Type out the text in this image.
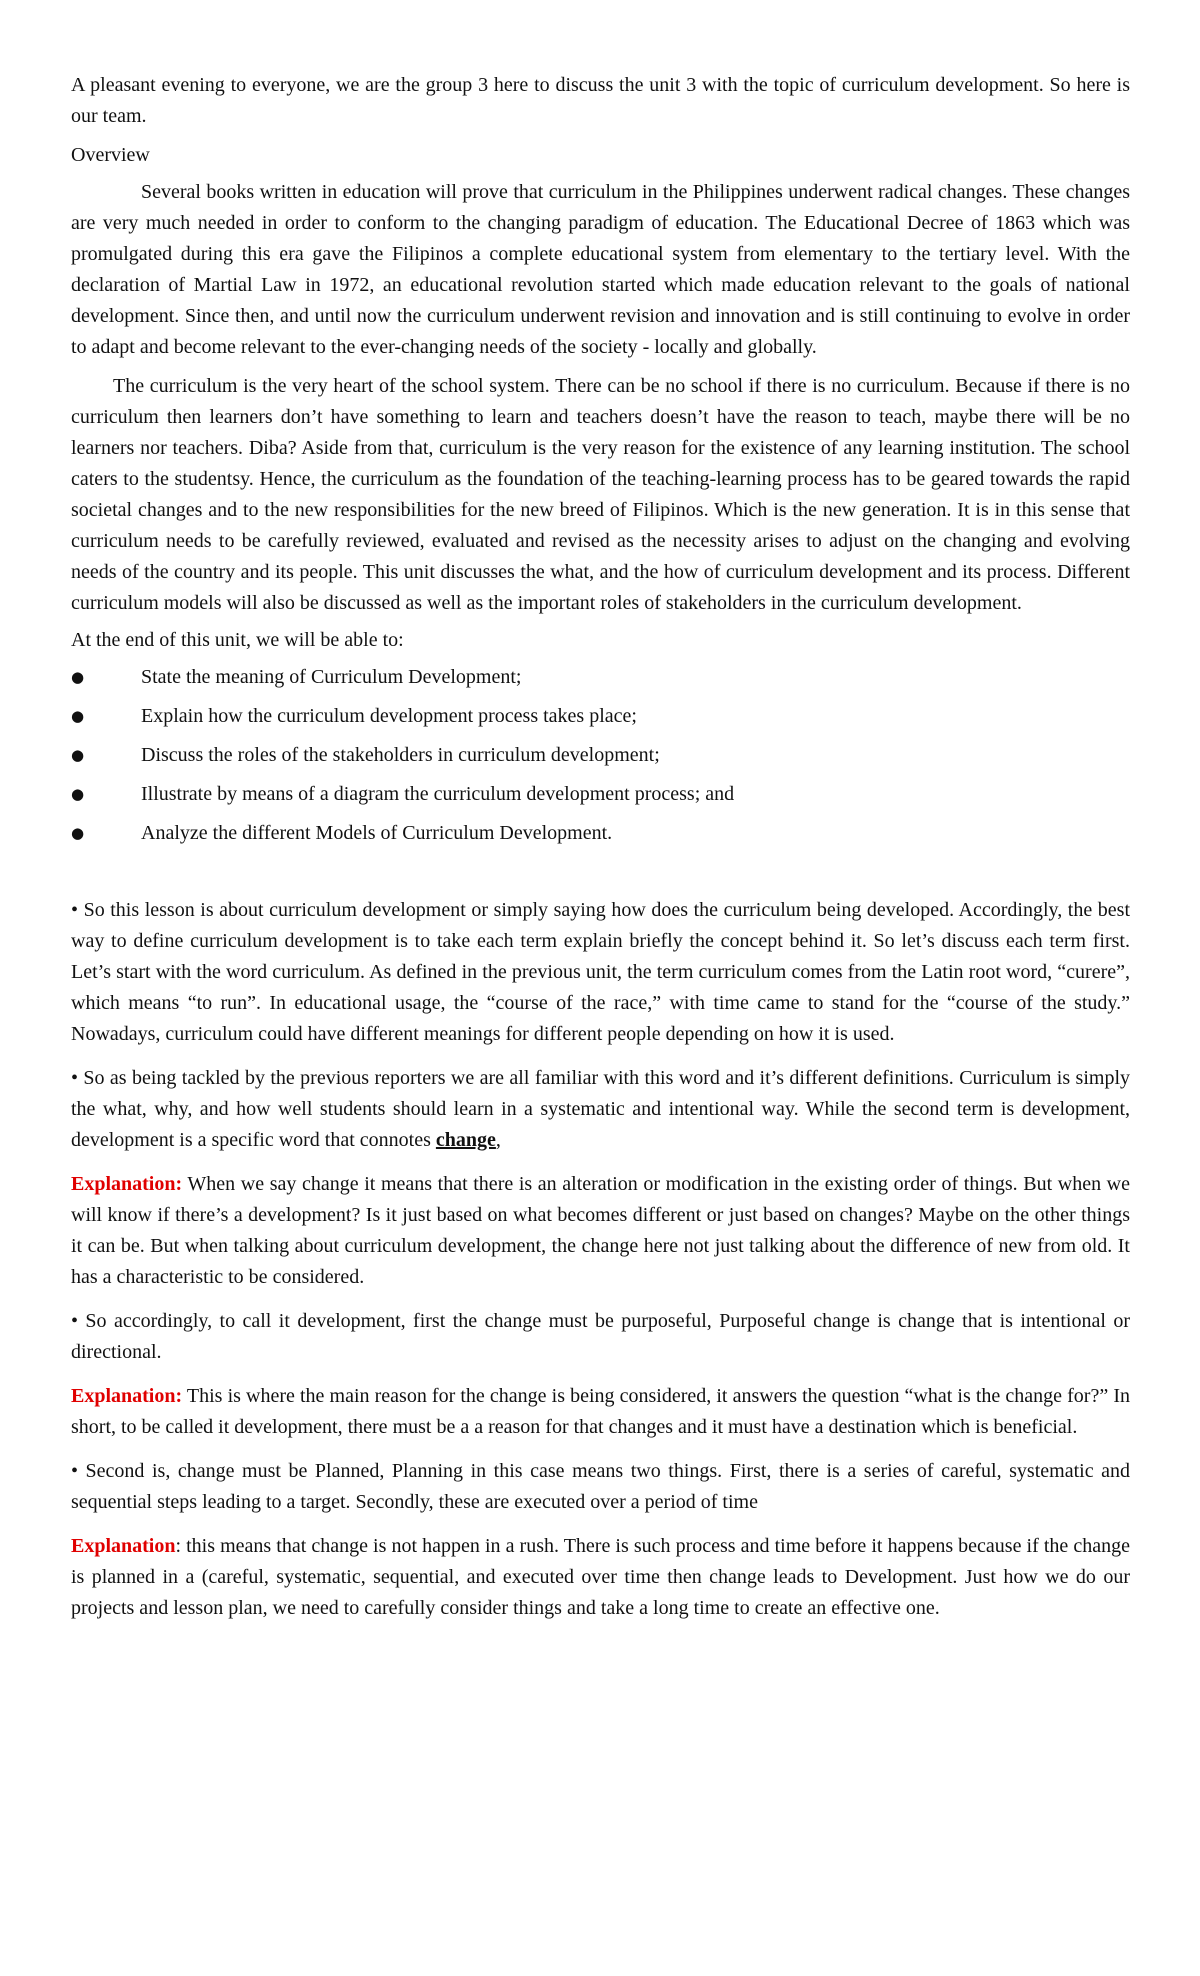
A pleasant evening to everyone, we are the group 3 here to discuss the unit 3 with the topic of curriculum development. So here is our team.

Overview

Several books written in education will prove that curriculum in the Philippines underwent radical changes. These changes are very much needed in order to conform to the changing paradigm of education. The Educational Decree of 1863 which was promulgated during this era gave the Filipinos a complete educational system from elementary to the tertiary level. With the declaration of Martial Law in 1972, an educational revolution started which made education relevant to the goals of national development. Since then, and until now the curriculum underwent revision and innovation and is still continuing to evolve in order to adapt and become relevant to the ever-changing needs of the society - locally and globally.

The curriculum is the very heart of the school system. There can be no school if there is no curriculum. Because if there is no curriculum then learners don’t have something to learn and teachers doesn’t have the reason to teach, maybe there will be no learners nor teachers. Diba? Aside from that, curriculum is the very reason for the existence of any learning institution. The school caters to the studentsy. Hence, the curriculum as the foundation of the teaching-learning process has to be geared towards the rapid societal changes and to the new responsibilities for the new breed of Filipinos. Which is the new generation. It is in this sense that curriculum needs to be carefully reviewed, evaluated and revised as the necessity arises to adjust on the changing and evolving needs of the country and its people. This unit discusses the what, and the how of curriculum development and its process. Different curriculum models will also be discussed as well as the important roles of stakeholders in the curriculum development.

At the end of this unit, we will be able to:

●	State the meaning of Curriculum Development;
●	Explain how the curriculum development process takes place;
●	Discuss the roles of the stakeholders in curriculum development;
●	Illustrate by means of a diagram the curriculum development process; and
●	Analyze the different Models of Curriculum Development.

• So this lesson is about curriculum development or simply saying how does the curriculum being developed. Accordingly, the best way to define curriculum development is to take each term explain briefly the concept behind it. So let’s discuss each term first. Let’s start with the word curriculum. As defined in the previous unit, the term curriculum comes from the Latin root word, “curere”, which means “to run”. In educational usage, the “course of the race,” with time came to stand for the “course of the study.” Nowadays, curriculum could have different meanings for different people depending on how it is used.

• So as being tackled by the previous reporters we are all familiar with this word and it’s different definitions. Curriculum is simply the what, why, and how well students should learn in a systematic and intentional way. While the second term is development, development is a specific word that connotes change,

Explanation: When we say change it means that there is an alteration or modification in the existing order of things. But when we will know if there’s a development? Is it just based on what becomes different or just based on changes? Maybe on the other things it can be. But when talking about curriculum development, the change here not just talking about the difference of new from old. It has a characteristic to be considered.

• So accordingly, to call it development, first the change must be purposeful, Purposeful change is change that is intentional or directional.

Explanation: This is where the main reason for the change is being considered, it answers the question “what is the change for?” In short, to be called it development, there must be a a reason for that changes and it must have a destination which is beneficial.

• Second is, change must be Planned, Planning in this case means two things. First, there is a series of careful, systematic and sequential steps leading to a target. Secondly, these are executed over a period of time

Explanation: this means that change is not happen in a rush. There is such process and time before it happens because if the change is planned in a (careful, systematic, sequential, and executed over time then change leads to Development. Just how we do our projects and lesson plan, we need to carefully consider things and take a long time to create an effective one.
